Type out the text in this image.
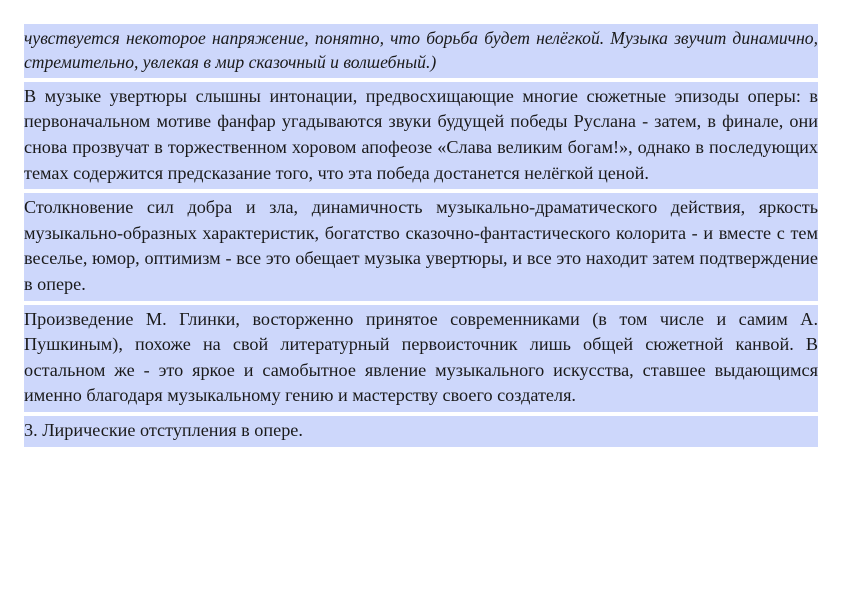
чувствуется некоторое напряжение, понятно, что борьба будет нелёгкой. Музыка звучит динамично, стремительно, увлекая в мир сказочный и волшебный.)

В музыке увертюры слышны интонации, предвосхищающие многие сюжетные эпизоды оперы: в первоначальном мотиве фанфар угадываются звуки будущей победы Руслана - затем, в финале, они снова прозвучат в торжественном хоровом апофеозе «Слава великим богам!», однако в последующих темах содержится предсказание того, что эта победа достанется нелёгкой ценой.

Столкновение сил добра и зла, динамичность музыкально-драматического действия, яркость музыкально-образных характеристик, богатство сказочно-фантастического колорита - и вместе с тем веселье, юмор, оптимизм - все это обещает музыка увертюры, и все это находит затем подтверждение в опере.

Произведение М. Глинки, восторженно принятое современниками (в том числе и самим А. Пушкиным), похоже на свой литературный первоисточник лишь общей сюжетной канвой. В остальном же - это яркое и самобытное явление музыкального искусства, ставшее выдающимся именно благодаря музыкальному гению и мастерству своего создателя.

3. Лирические отступления в опере.
